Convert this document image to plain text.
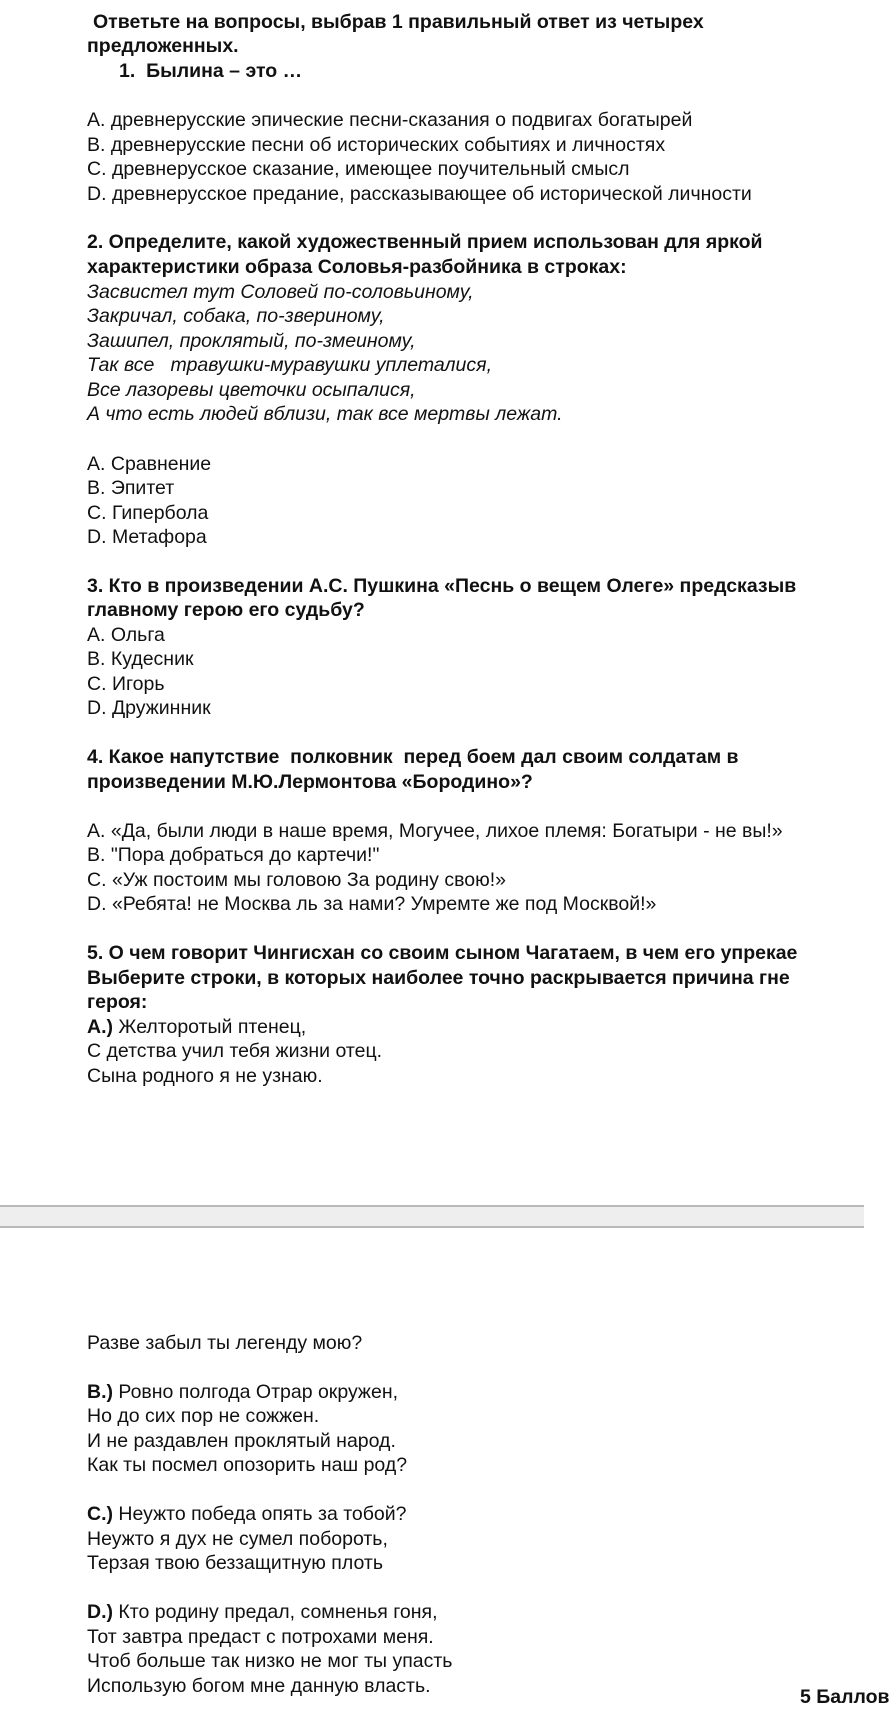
Ответьте на вопросы, выбрав 1 правильный ответ из четырех
предложенных.
1.  Былина – это …
A. древнерусские эпические песни-сказания о подвигах богатырей
B. древнерусские песни об исторических событиях и личностях
C. древнерусское сказание, имеющее поучительный смысл
D. древнерусское предание, рассказывающее об исторической личности
2. Определите, какой художественный прием использован для яркой
характеристики образа Соловья-разбойника в строках:
Засвистел тут Соловей по-соловьиному,
Закричал, собака, по-звериному,
Зашипел, проклятый, по-змеиному,
Так все   травушки-муравушки уплеталися,
Все лазоревы цветочки осыпалися,
А что есть людей вблизи, так все мертвы лежат.
A. Сравнение
B. Эпитет
C. Гипербола
D. Метафора
3. Кто в произведении А.С. Пушкина «Песнь о вещем Олеге» предсказыв
главному герою его судьбу?
A. Ольга
B. Кудесник
C. Игорь
D. Дружинник
4. Какое напутствие  полковник  перед боем дал своим солдатам в
произведении М.Ю.Лермонтова «Бородино»?
A. «Да, были люди в наше время, Могучее, лихое племя: Богатыри - не вы!»
B. "Пора добраться до картечи!"
C. «Уж постоим мы головою За родину свою!»
D. «Ребята! не Москва ль за нами? Умремте же под Москвой!»
5. О чем говорит Чингисхан со своим сыном Чагатаем, в чем его упрекае
Выберите строки, в которых наиболее точно раскрывается причина гне
героя:
A.) Желторотый птенец,
С детства учил тебя жизни отец.
Сына родного я не узнаю.
Разве забыл ты легенду мою?
B.) Ровно полгода Отрар окружен,
Но до сих пор не сожжен.
И не раздавлен проклятый народ.
Как ты посмел опозорить наш род?
C.) Неужто победа опять за тобой?
Неужто я дух не сумел побороть,
Терзая твою беззащитную плоть
D.) Кто родину предал, сомненья гоня,
Тот завтра предаст с потрохами меня.
Чтоб больше так низко не мог ты упасть
Использую богом мне данную власть.	5 Баллов
